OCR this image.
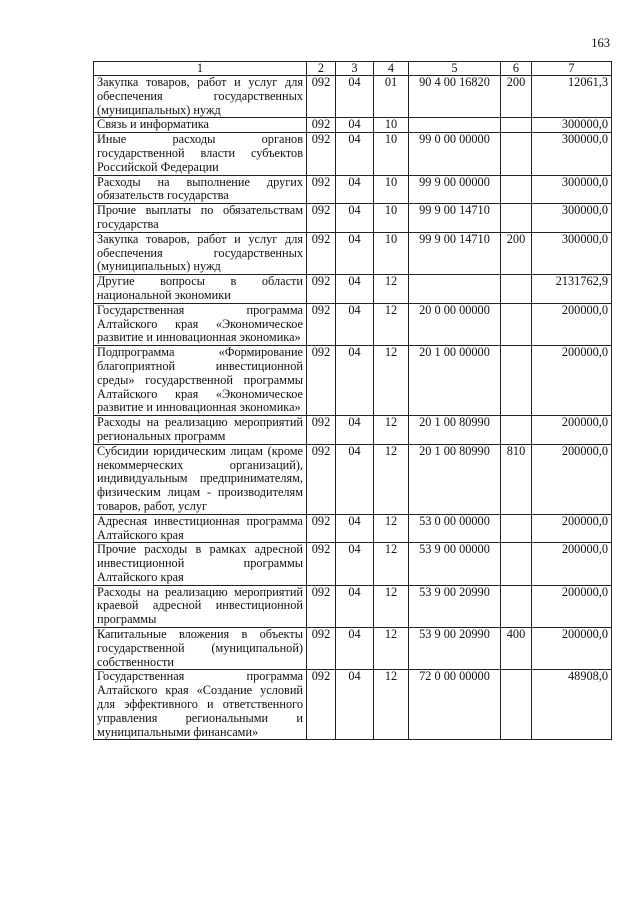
163
1	2	3	4	5	6	7
Закупка товаров, работ и услуг для обеспечения государственных (муниципальных) нужд	092	04	01	90 4 00 16820	200	12061,3
Связь и информатика	092	04	10			300000,0
Иные расходы органов государственной власти субъектов Российской Федерации	092	04	10	99 0 00 00000		300000,0
Расходы на выполнение других обязательств государства	092	04	10	99 9 00 00000		300000,0
Прочие выплаты по обязательствам государства	092	04	10	99 9 00 14710		300000,0
Закупка товаров, работ и услуг для обеспечения государственных (муниципальных) нужд	092	04	10	99 9 00 14710	200	300000,0
Другие вопросы в области национальной экономики	092	04	12			2131762,9
Государственная программа Алтайского края «Экономическое развитие и инновационная экономика»	092	04	12	20 0 00 00000		200000,0
Подпрограмма «Формирование благоприятной инвестиционной среды» государственной программы Алтайского края «Экономическое развитие и инновационная экономика»	092	04	12	20 1 00 00000		200000,0
Расходы на реализацию мероприятий региональных программ	092	04	12	20 1 00 80990		200000,0
Субсидии юридическим лицам (кроме некоммерческих организаций), индивидуальным предпринимателям, физическим лицам - производителям товаров, работ, услуг	092	04	12	20 1 00 80990	810	200000,0
Адресная инвестиционная программа Алтайского края	092	04	12	53 0 00 00000		200000,0
Прочие расходы в рамках адресной инвестиционной программы Алтайского края	092	04	12	53 9 00 00000		200000,0
Расходы на реализацию мероприятий краевой адресной инвестиционной программы	092	04	12	53 9 00 20990		200000,0
Капитальные вложения в объекты государственной (муниципальной) собственности	092	04	12	53 9 00 20990	400	200000,0
Государственная программа Алтайского края «Создание условий для эффективного и ответственного управления региональными и муниципальными финансами»	092	04	12	72 0 00 00000		48908,0
